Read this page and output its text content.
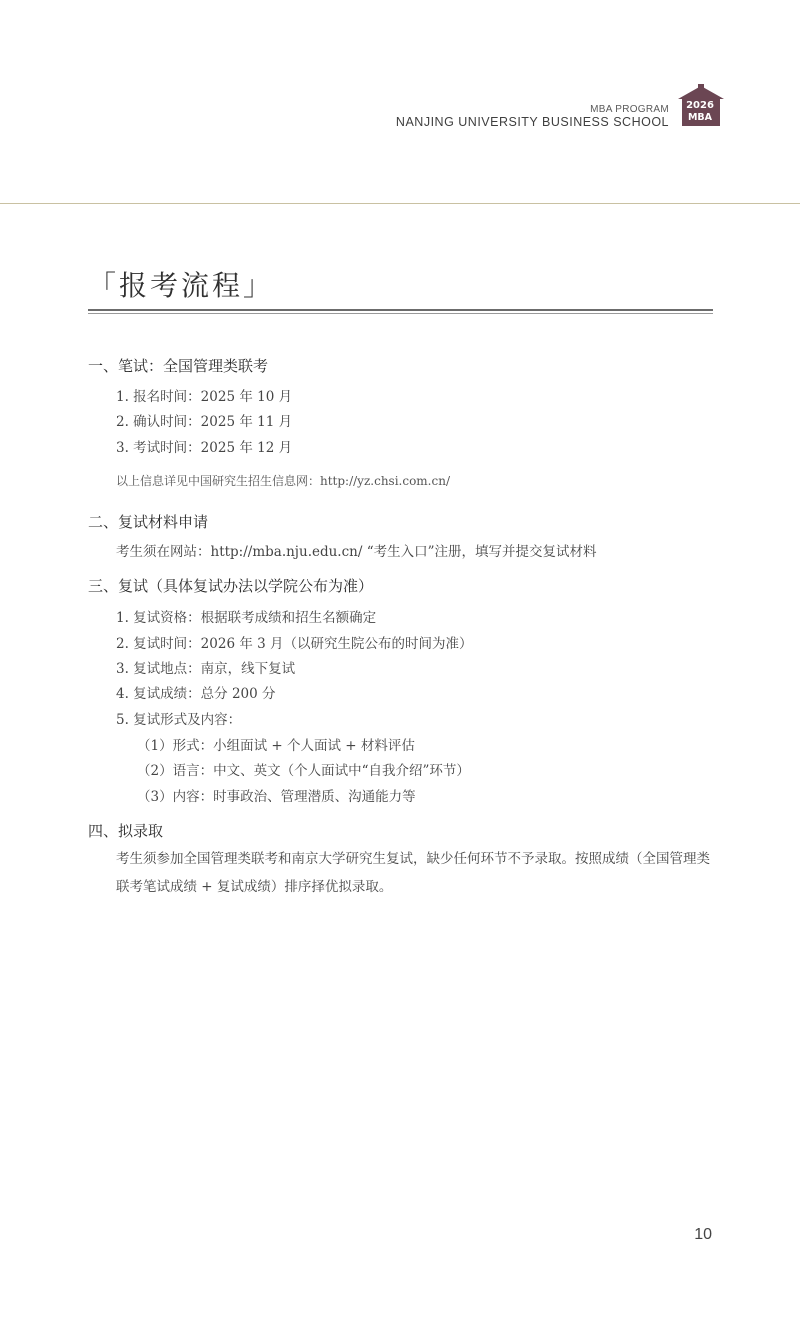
MBA PROGRAM
NANJING UNIVERSITY BUSINESS SCHOOL
2026
MBA
「报考流程」
一、笔试：全国管理类联考
1. 报名时间：2025 年 10 月
2. 确认时间：2025 年 11 月
3. 考试时间：2025 年 12 月
以上信息详见中国研究生招生信息网：http://yz.chsi.com.cn/
二、复试材料申请
考生须在网站：http://mba.nju.edu.cn/ “考生入口”注册，填写并提交复试材料
三、复试（具体复试办法以学院公布为准）
1. 复试资格：根据联考成绩和招生名额确定
2. 复试时间：2026 年 3 月（以研究生院公布的时间为准）
3. 复试地点：南京，线下复试
4. 复试成绩：总分 200 分
5. 复试形式及内容：
（1）形式：小组面试 + 个人面试 + 材料评估
（2）语言：中文、英文（个人面试中“自我介绍”环节）
（3）内容：时事政治、管理潜质、沟通能力等
四、拟录取
考生须参加全国管理类联考和南京大学研究生复试，缺少任何环节不予录取。按照成绩（全国管理类联考笔试成绩 + 复试成绩）排序择优拟录取。
10
